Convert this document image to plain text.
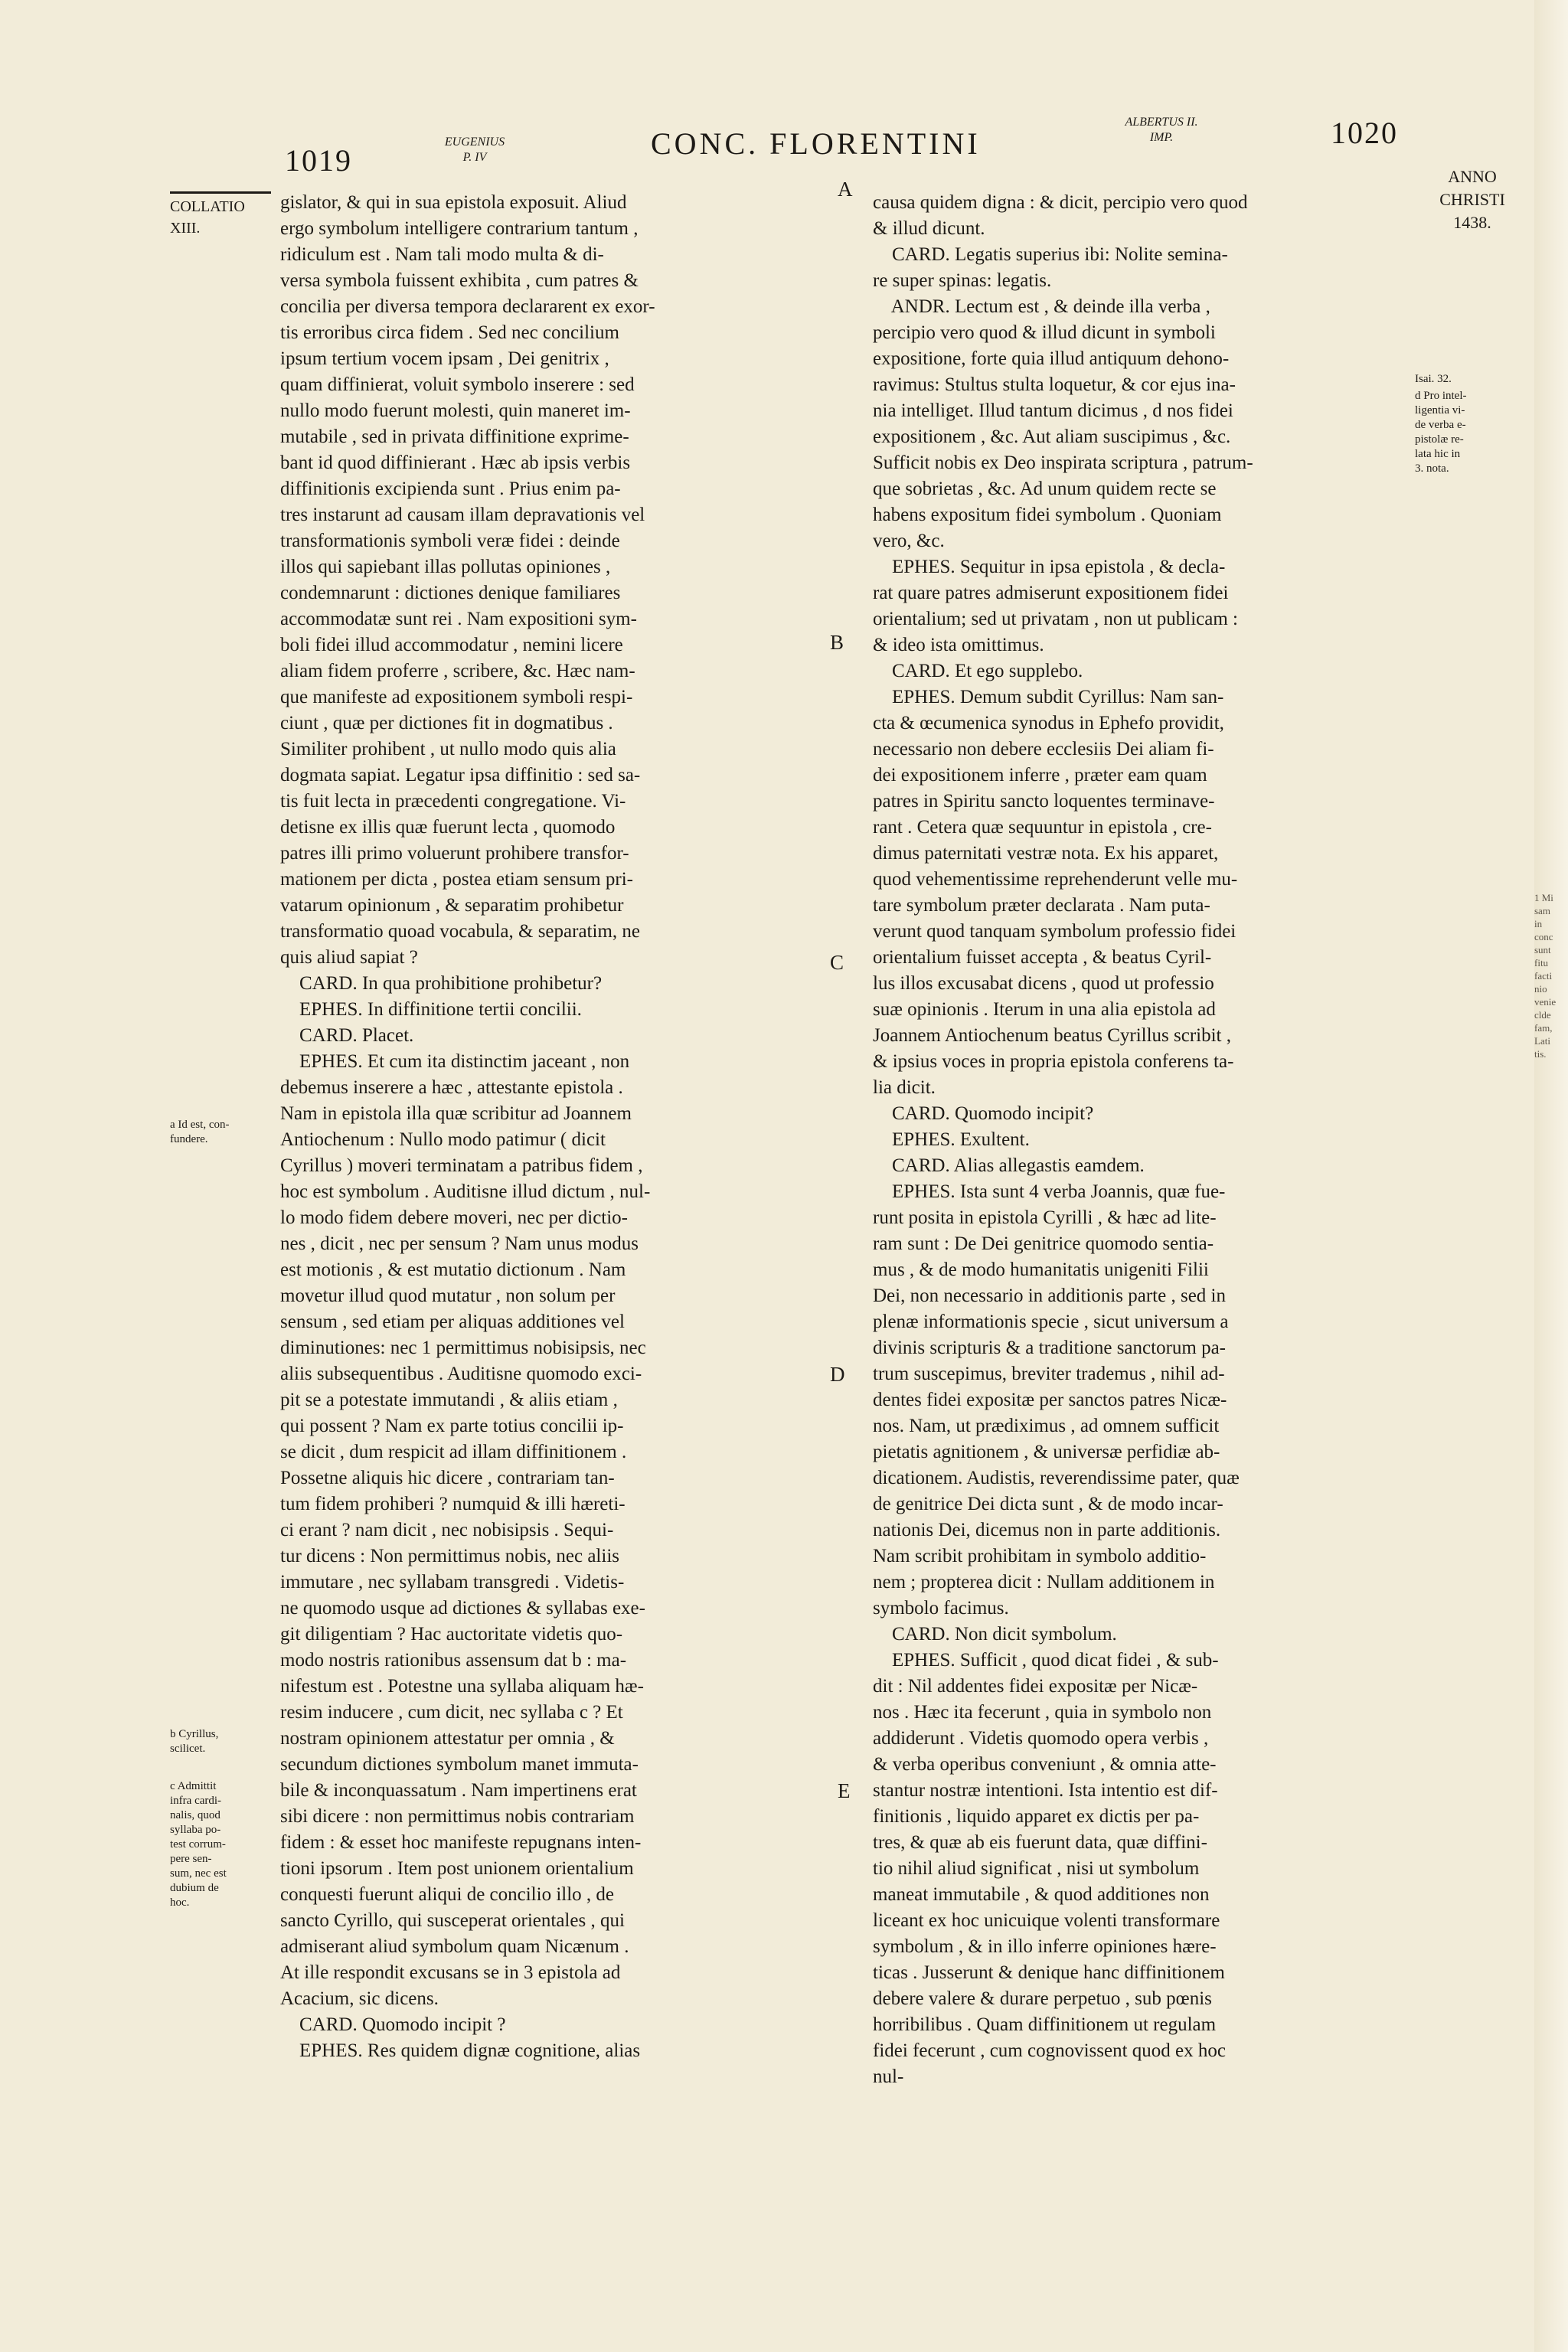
1019
EUGENIUS
P. IV	CONC. FLORENTINI
ALBERTUS II.
IMP.	1020
ANNO
CHRISTI
1438.
COLLATIO
XIII.
a Id est, con-
fundere.
b Cyrillus,
scilicet.
c Admittit
infra cardi-
nalis, quod
syllaba po-
test corrum-
pere sen-
sum, nec est
dubium de
hoc.
Isai. 32.
d Pro intel-
ligentia vi-
de verba e-
pistolæ re-
lata hic in
3. nota.
1 Mi
sam
in
conc
sunt
fitu
facti
nio
venie
clde
fam,
Lati
tis.
A
B
C
D
E
gislator, & qui in sua epistola exposuit. Aliud
ergo symbolum intelligere contrarium tantum ,
ridiculum est . Nam tali modo multa & di-
versa symbola fuissent exhibita , cum patres &
concilia per diversa tempora declararent ex exor-
tis erroribus circa fidem . Sed nec concilium
ipsum tertium vocem ipsam , Dei genitrix ,
quam diffinierat, voluit symbolo inserere : sed
nullo modo fuerunt molesti, quin maneret im-
mutabile , sed in privata diffinitione exprime-
bant id quod diffinierant . Hæc ab ipsis verbis
diffinitionis excipienda sunt . Prius enim pa-
tres instarunt ad causam illam depravationis vel
transformationis symboli veræ fidei : deinde
illos qui sapiebant illas pollutas opiniones ,
condemnarunt : dictiones denique familiares
accommodatæ sunt rei . Nam expositioni sym-
boli fidei illud accommodatur , nemini licere
aliam fidem proferre , scribere, &c. Hæc nam-
que manifeste ad expositionem symboli respi-
ciunt , quæ per dictiones fit in dogmatibus .
Similiter prohibent , ut nullo modo quis alia
dogmata sapiat. Legatur ipsa diffinitio : sed sa-
tis fuit lecta in præcedenti congregatione. Vi-
detisne ex illis quæ fuerunt lecta , quomodo
patres illi primo voluerunt prohibere transfor-
mationem per dicta , postea etiam sensum pri-
vatarum opinionum , & separatim prohibetur
transformatio quoad vocabula, & separatim, ne
quis aliud sapiat ?
CARD. In qua prohibitione prohibetur?
EPHES. In diffinitione tertii concilii.
CARD. Placet.
EPHES. Et cum ita distinctim jaceant , non
debemus inserere a hæc , attestante epistola .
Nam in epistola illa quæ scribitur ad Joannem
Antiochenum : Nullo modo patimur ( dicit
Cyrillus ) moveri terminatam a patribus fidem ,
hoc est symbolum . Auditisne illud dictum , nul-
lo modo fidem debere moveri, nec per dictio-
nes , dicit , nec per sensum ? Nam unus modus
est motionis , & est mutatio dictionum . Nam
movetur illud quod mutatur , non solum per
sensum , sed etiam per aliquas additiones vel
diminutiones: nec 1 permittimus nobisipsis, nec
aliis subsequentibus . Auditisne quomodo exci-
pit se a potestate immutandi , & aliis etiam ,
qui possent ? Nam ex parte totius concilii ip-
se dicit , dum respicit ad illam diffinitionem .
Possetne aliquis hic dicere , contrariam tan-
tum fidem prohiberi ? numquid & illi hæreti-
ci erant ? nam dicit , nec nobisipsis . Sequi-
tur dicens : Non permittimus nobis, nec aliis
immutare , nec syllabam transgredi . Videtis-
ne quomodo usque ad dictiones & syllabas exe-
git diligentiam ? Hac auctoritate videtis quo-
modo nostris rationibus assensum dat b : ma-
nifestum est . Potestne una syllaba aliquam hæ-
resim inducere , cum dicit, nec syllaba c ? Et
nostram opinionem attestatur per omnia , &
secundum dictiones symbolum manet immuta-
bile & inconquassatum . Nam impertinens erat
sibi dicere : non permittimus nobis contrariam
fidem : & esset hoc manifeste repugnans inten-
tioni ipsorum . Item post unionem orientalium
conquesti fuerunt aliqui de concilio illo , de
sancto Cyrillo, qui susceperat orientales , qui
admiserant aliud symbolum quam Nicænum .
At ille respondit excusans se in 3 epistola ad
Acacium, sic dicens.
CARD. Quomodo incipit ?
EPHES. Res quidem dignæ cognitione, alias
causa quidem digna : & dicit, percipio vero quod
& illud dicunt.
CARD. Legatis superius ibi: Nolite semina-
re super spinas: legatis.
ANDR. Lectum est , & deinde illa verba ,
percipio vero quod & illud dicunt in symboli
expositione, forte quia illud antiquum dehono-
ravimus: Stultus stulta loquetur, & cor ejus ina-
nia intelliget. Illud tantum dicimus , d nos fidei
expositionem , &c. Aut aliam suscipimus , &c.
Sufficit nobis ex Deo inspirata scriptura , patrum-
que sobrietas , &c. Ad unum quidem recte se
habens expositum fidei symbolum . Quoniam
vero, &c.
EPHES. Sequitur in ipsa epistola , & decla-
rat quare patres admiserunt expositionem fidei
orientalium; sed ut privatam , non ut publicam :
& ideo ista omittimus.
CARD. Et ego supplebo.
EPHES. Demum subdit Cyrillus: Nam san-
cta & œcumenica synodus in Ephefo providit,
necessario non debere ecclesiis Dei aliam fi-
dei expositionem inferre , præter eam quam
patres in Spiritu sancto loquentes terminave-
rant . Cetera quæ sequuntur in epistola , cre-
dimus paternitati vestræ nota. Ex his apparet,
quod vehementissime reprehenderunt velle mu-
tare symbolum præter declarata . Nam puta-
verunt quod tanquam symbolum professio fidei
orientalium fuisset accepta , & beatus Cyril-
lus illos excusabat dicens , quod ut professio
suæ opinionis . Iterum in una alia epistola ad
Joannem Antiochenum beatus Cyrillus scribit ,
& ipsius voces in propria epistola conferens ta-
lia dicit.
CARD. Quomodo incipit?
EPHES. Exultent.
CARD. Alias allegastis eamdem.
EPHES. Ista sunt 4 verba Joannis, quæ fue-
runt posita in epistola Cyrilli , & hæc ad lite-
ram sunt : De Dei genitrice quomodo sentia-
mus , & de modo humanitatis unigeniti Filii
Dei, non necessario in additionis parte , sed in
plenæ informationis specie , sicut universum a
divinis scripturis & a traditione sanctorum pa-
trum suscepimus, breviter trademus , nihil ad-
dentes fidei expositæ per sanctos patres Nicæ-
nos. Nam, ut prædiximus , ad omnem sufficit
pietatis agnitionem , & universæ perfidiæ ab-
dicationem. Audistis, reverendissime pater, quæ
de genitrice Dei dicta sunt , & de modo incar-
nationis Dei, dicemus non in parte additionis.
Nam scribit prohibitam in symbolo additio-
nem ; propterea dicit : Nullam additionem in
symbolo facimus.
CARD. Non dicit symbolum.
EPHES. Sufficit , quod dicat fidei , & sub-
dit : Nil addentes fidei expositæ per Nicæ-
nos . Hæc ita fecerunt , quia in symbolo non
addiderunt . Videtis quomodo opera verbis ,
& verba operibus conveniunt , & omnia atte-
stantur nostræ intentioni. Ista intentio est dif-
finitionis , liquido apparet ex dictis per pa-
tres, & quæ ab eis fuerunt data, quæ diffini-
tio nihil aliud significat , nisi ut symbolum
maneat immutabile , & quod additiones non
liceant ex hoc unicuique volenti transformare
symbolum , & in illo inferre opiniones hære-
ticas . Jusserunt & denique hanc diffinitionem
debere valere & durare perpetuo , sub pœnis
horribilibus . Quam diffinitionem ut regulam
fidei fecerunt , cum cognovissent quod ex hoc
nul-
